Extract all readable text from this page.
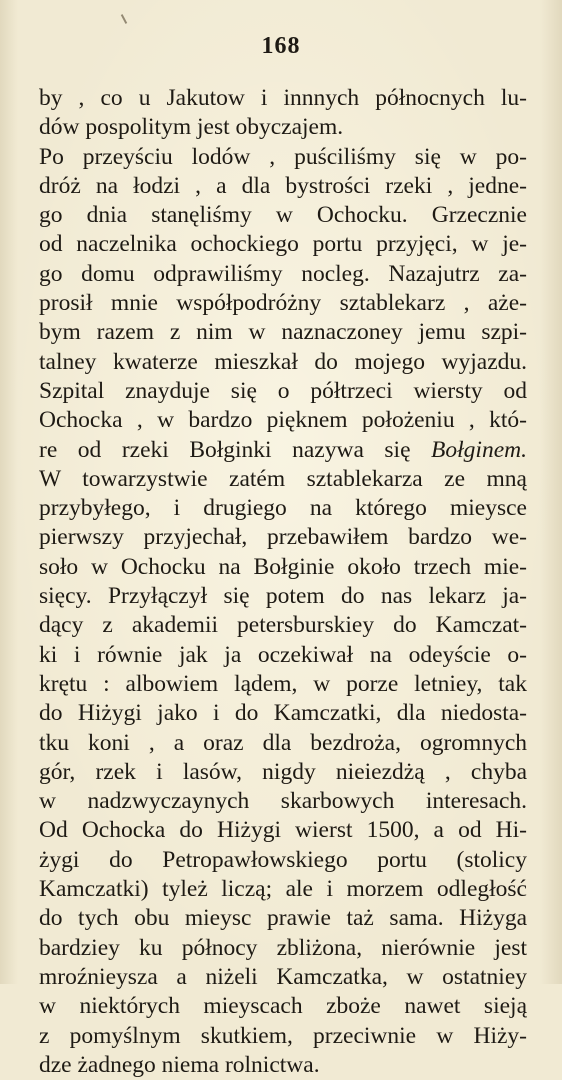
168
by , co u Jakutow i innnych północnych lu-
dów pospolitym jest obyczajem.
Po przeyściu lodów , puściliśmy się w po-
dróż na łodzi , a dla bystrości rzeki , jedne-
go dnia stanęliśmy w Ochocku. Grzecznie
od naczelnika ochockiego portu przyjęci, w je-
go domu odprawiliśmy nocleg. Nazajutrz za-
prosił mnie współpodróżny sztablekarz , aże-
bym razem z nim w naznaczoney jemu szpi-
talney kwaterze mieszkał do mojego wyjazdu.
Szpital znayduje się o półtrzeci wiersty od
Ochocka , w bardzo pięknem położeniu , któ-
re od rzeki Bołginki nazywa się Bołginem.
W towarzystwie zatém sztablekarza ze mną
przybyłego, i drugiego na którego mieysce
pierwszy przyjechał, przebawiłem bardzo we-
soło w Ochocku na Bołginie około trzech mie-
sięcy. Przyłączył się potem do nas lekarz ja-
dący z akademii petersburskiey do Kamczat-
ki i równie jak ja oczekiwał na odeyście o-
krętu : albowiem lądem, w porze letniey, tak
do Hiżygi jako i do Kamczatki, dla niedosta-
tku koni , a oraz dla bezdroża, ogromnych
gór, rzek i lasów, nigdy nieiezdżą , chyba
w nadzwyczaynych skarbowych interesach.
Od Ochocka do Hiżygi wierst 1500, a od Hi-
żygi do Petropawłowskiego portu (stolicy
Kamczatki) tyleż liczą; ale i morzem odległość
do tych obu mieysc prawie taż sama. Hiżyga
bardziey ku północy zbliżona, nierównie jest
mroźnieysza a niżeli Kamczatka, w ostatniey
w niektórych mieyscach zboże nawet sieją
z pomyślnym skutkiem, przeciwnie w Hiży-
dze żadnego niema rolnictwa.
